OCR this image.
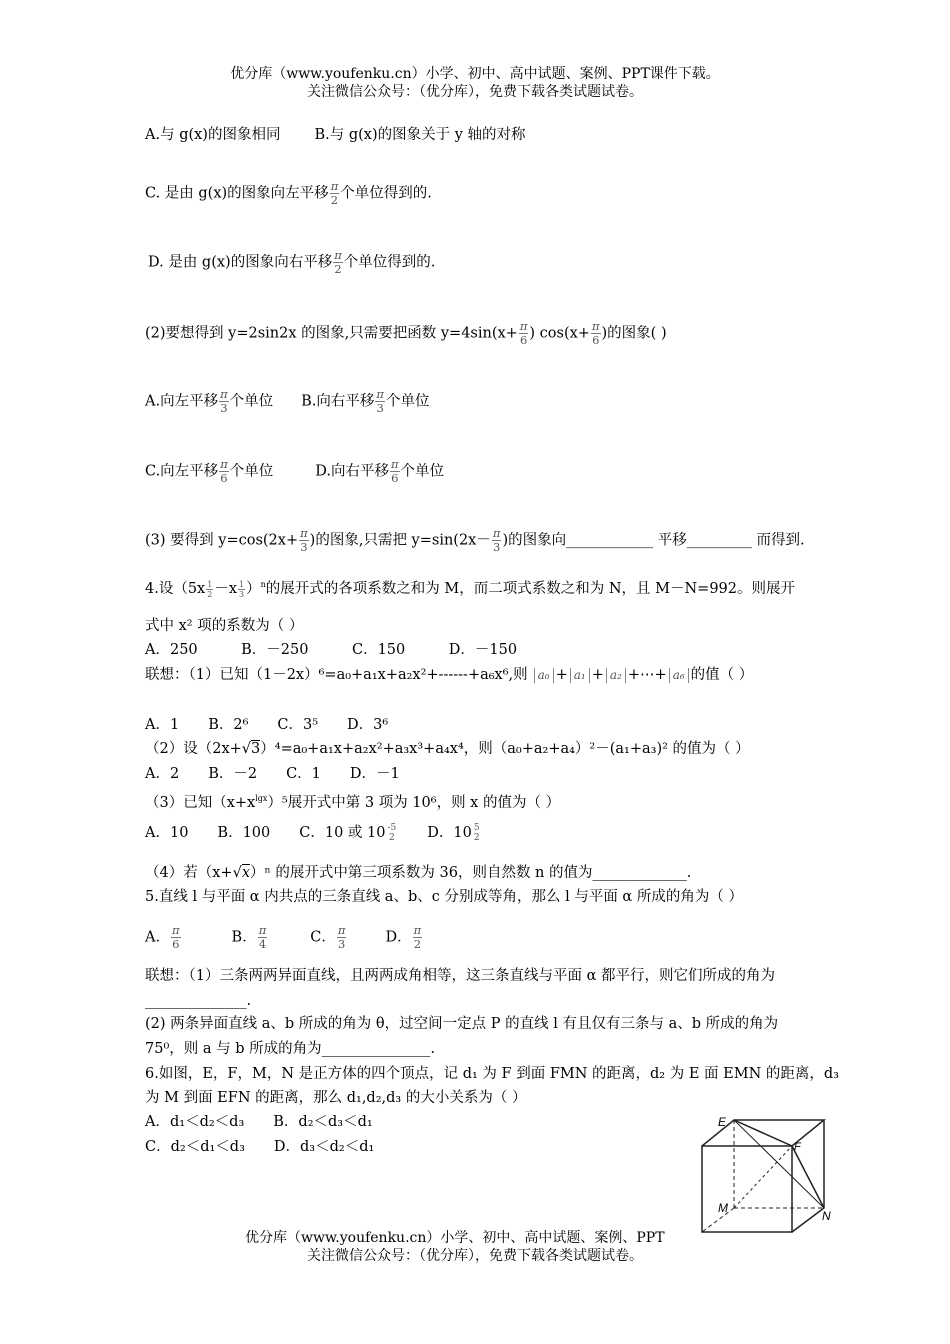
优分库（www.youfenku.cn）小学、初中、高中试题、案例、PPT课件下载。
关注微信公众号：（优分库），免费下载各类试题试卷。
A.与 g(x)的图象相同 B.与 g(x)的图象关于 y 轴的对称
C. 是由 g(x)的图象向左平移 $\frac{\pi}{2}$ 个单位得到的.
D. 是由 g(x)的图象向右平移 $\frac{\pi}{2}$ 个单位得到的.
(2)要想得到 y=2sin2x 的图象,只需要把函数 $y=4\sin(x+ \frac{\pi}{6}$ ) $\cos(x+ \frac{\pi}{6}$ )的图象( )
A.向左平移 $\frac{\pi}{3}$ 个单位 B.向右平移 $\frac{\pi}{3}$ 个单位
C.向左平移 $\frac{\pi}{6}$ 个单位	D.向右平移 $\frac{\pi}{6}$ 个单位
(3) 要得到 $y=\cos(2x+ \frac{\pi}{3}$ )的图象,只需把 $y=\sin(2x- \frac{\pi}{3}$ )的图象向____________ 平移_________ 而得到.
4.设$(5x \frac{1}{2} -x \frac{1}{3} )^n$的展开式的各项系数之和为 M，而二项式系数之和为 N，且 M－N=992。则展开
式中 x² 项的系数为（ ）
A．250　　　B．－250　　　C．150　　　D．－150
联想：（1）已知（1－2x）⁶=a₀+a₁x+a₂x²+------+a₆x⁶,则 a₀ + a₁ + a₂ +⋯+ a₆ 的值（ ）
A．1　　B．2⁶　　C．3⁵　　D．3⁶
（2）设（2x+√3）⁴=a₀+a₁x+a₂x²+a₃x³+a₄x⁴，则（a₀+a₂+a₄）²－(a₁+a₃)² 的值为（ ）
A．2　　B．－2　　C．1　　D．－1
（3）已知$(x+x^{lgx})^5$展开式中第 3 项为 10⁶，则 x 的值为（ ）
A．10　　B．100　　C．10 或 10 -5
2 　　D．10 5
2
（4）若（x+√x）ⁿ 的展开式中第三项系数为 36，则自然数 n 的值为_____________.
5.直线 l 与平面 α 内共点的三条直线 a、b、c 分别成等角，那么 l 与平面 α 所成的角为（ ）
A． $\frac{\pi}{6}$	B． $\frac{\pi}{4}$	C． $\frac{\pi}{3}$	D． $\frac{\pi}{2}$
联想：（1）三条两两异面直线，且两两成角相等，这三条直线与平面 α 都平行，则它们所成的角为
______________.
(2) 两条异面直线 a、b 所成的角为 θ，过空间一定点 P 的直线 l 有且仅有三条与 a、b 所成的角为
75⁰，则 a 与 b 所成的角为_______________.
6.如图，E，F，M，N 是正方体的四个顶点，记 d₁ 为 F 到面 FMN 的距离，d₂ 为 E 面 EMN 的距离，d₃
为 M 到面 EFN 的距离，那么 d₁,d₂,d₃ 的大小关系为（ ）
A．d₁＜d₂＜d₃　　B．d₂＜d₃＜d₁
C．d₂＜d₁＜d₃　　D．d₃＜d₂＜d₁
E
F
M
N
优分库（www.youfenku.cn）小学、初中、高中试题、案例、PPT
关注微信公众号：（优分库），免费下载各类试题试卷。
